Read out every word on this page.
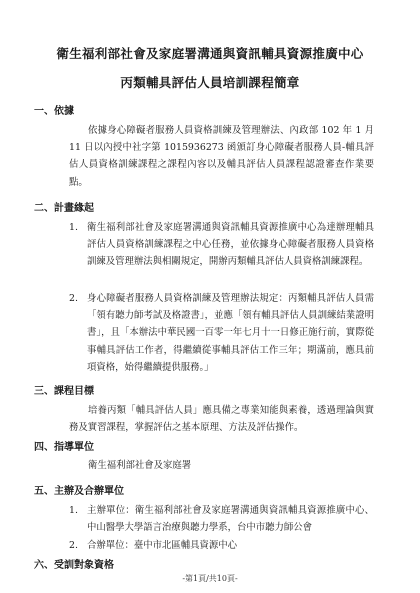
衛生福利部社會及家庭署溝通與資訊輔具資源推廣中心
丙類輔具評估人員培訓課程簡章
一、依據
依據身心障礙者服務人員資格訓練及管理辦法、內政部 102 年 1 月 11 日以內授中社字第 1015936273 函頒訂身心障礙者服務人員-輔具評估人員資格訓練課程之課程內容以及輔具評估人員課程認證審查作業要點。
二、計畫緣起
1. 衛生福利部社會及家庭署溝通與資訊輔具資源推廣中心為達辦理輔具評估人員資格訓練課程之中心任務，並依據身心障礙者服務人員資格訓練及管理辦法與相關規定，開辦丙類輔具評估人員資格訓練課程。
2. 身心障礙者服務人員資格訓練及管理辦法規定：丙類輔具評估人員需「領有聽力師考試及格證書」，並應「領有輔具評估人員訓練結業證明書」，且「本辦法中華民國一百零一年七月十一日修正施行前，實際從事輔具評估工作者，得繼續從事輔具評估工作三年；期滿前，應具前項資格，始得繼續提供服務。」
三、課程目標
培養丙類「輔具評估人員」應具備之專業知能與素養，透過理論與實務及實習課程，掌握評估之基本原理、方法及評估操作。
四、指導單位
衛生福利部社會及家庭署
五、主辦及合辦單位
1. 主辦單位：衛生福利部社會及家庭署溝通與資訊輔具資源推廣中心、中山醫學大學語言治療與聽力學系，台中市聽力師公會
2. 合辦單位：臺中市北區輔具資源中心
六、受訓對象資格
-第1頁/共10頁-
